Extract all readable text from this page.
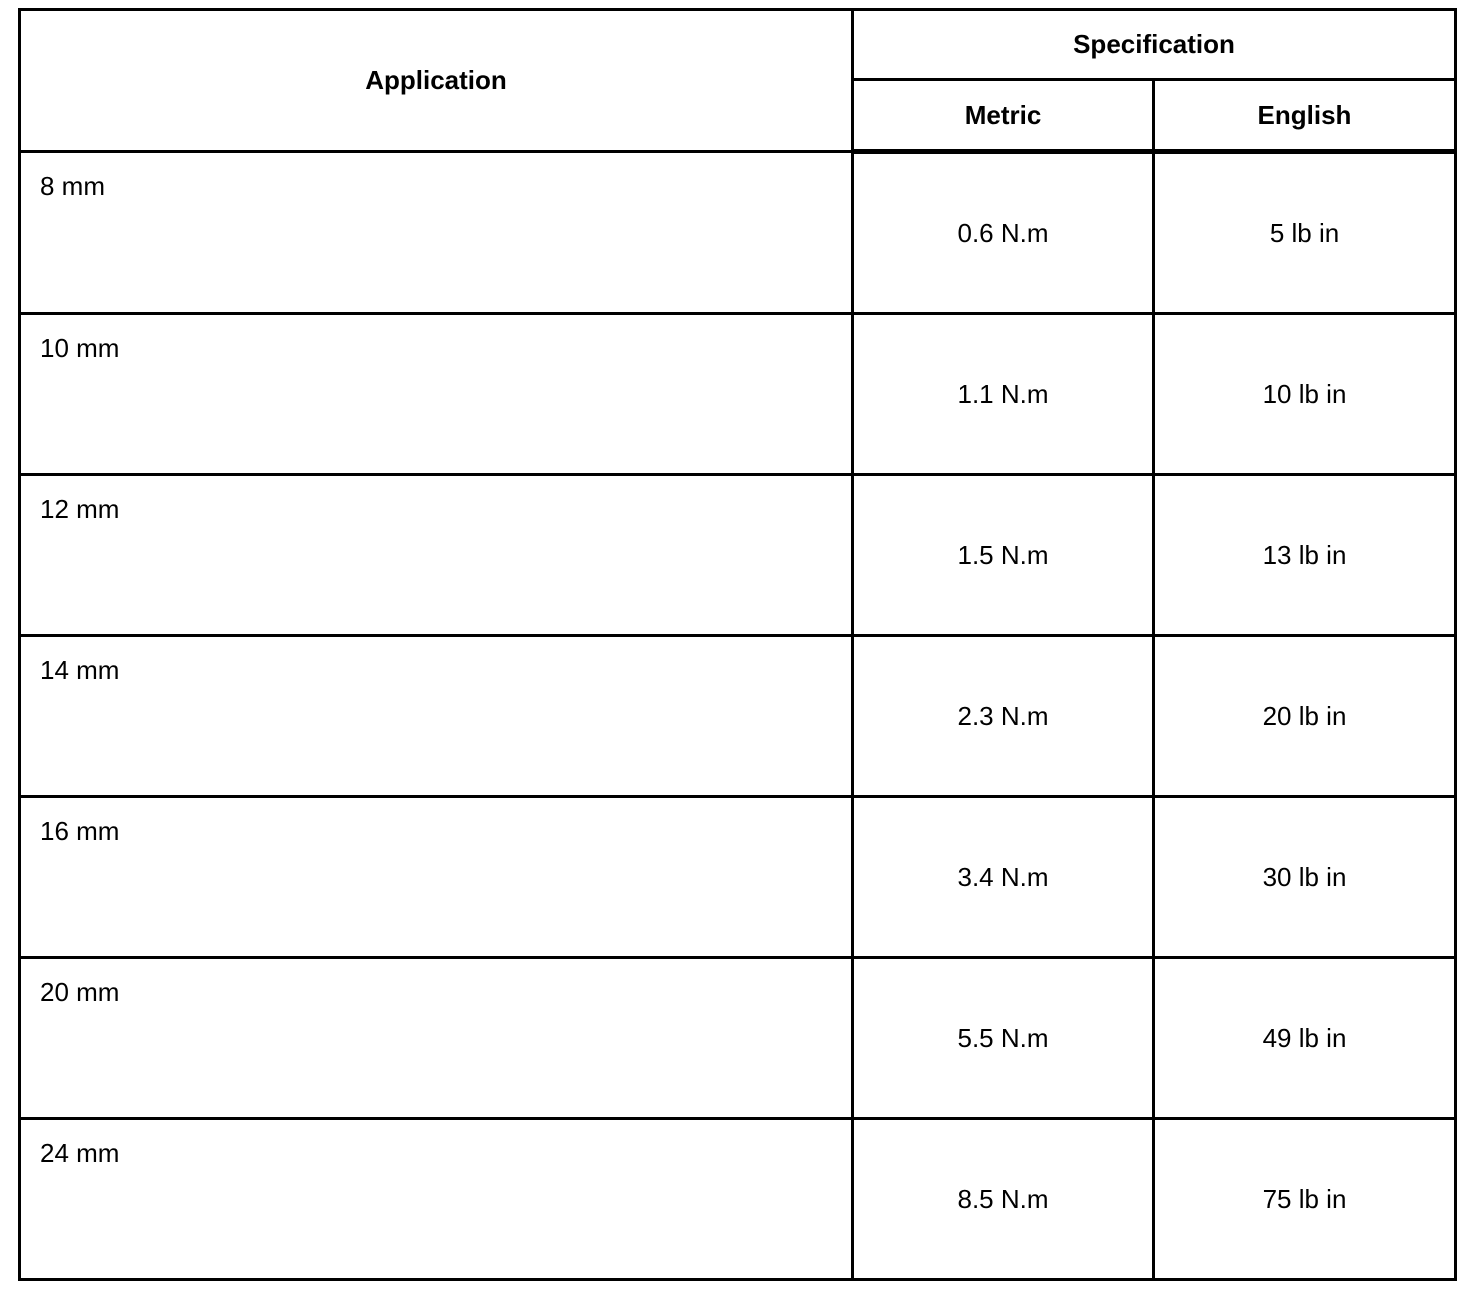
Application	Specification	
	Metric	English

8 mm	0.6 N.m	5 lb in

10 mm	1.1 N.m	10 lb in

12 mm	1.5 N.m	13 lb in

14 mm	2.3 N.m	20 lb in

16 mm	3.4 N.m	30 lb in

20 mm	5.5 N.m	49 lb in

24 mm	8.5 N.m	75 lb in
